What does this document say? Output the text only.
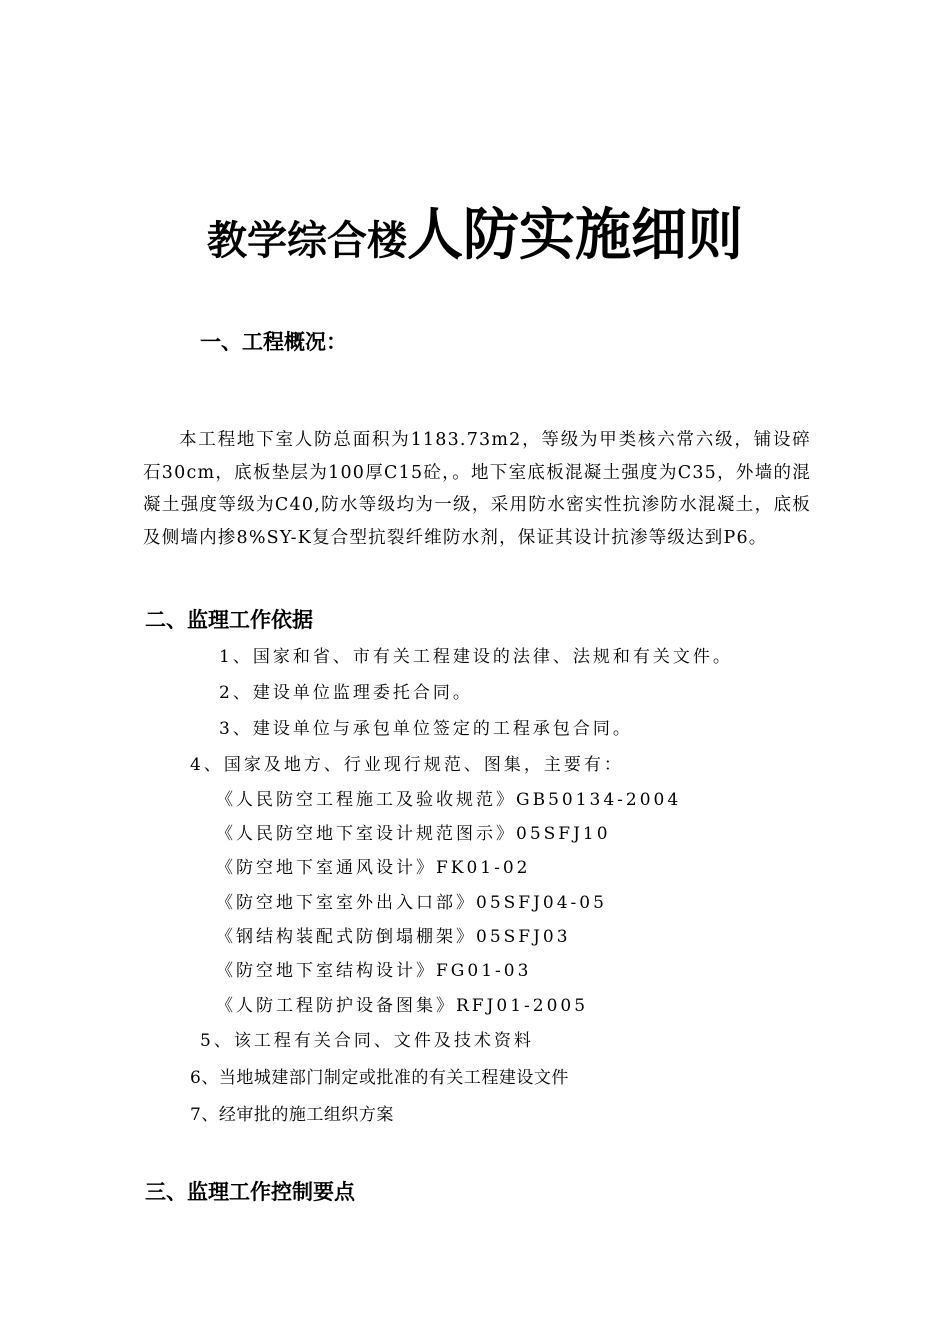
教学综合楼人防实施细则
一、工程概况：

本工程地下室人防总面积为1183.73m2，等级为甲类核六常六级，铺设碎石30cm，底板垫层为100厚C15砼，。地下室底板混凝土强度为C35，外墙的混凝土强度等级为C40,防水等级均为一级，采用防水密实性抗渗防水混凝土，底板及侧墙内掺8%SY-K复合型抗裂纤维防水剂，保证其设计抗渗等级达到P6。

二、监理工作依据
1、国家和省、市有关工程建设的法律、法规和有关文件。
2、建设单位监理委托合同。
3、建设单位与承包单位签定的工程承包合同。
4、国家及地方、行业现行规范、图集，主要有：
《人民防空工程施工及验收规范》GB50134-2004
《人民防空地下室设计规范图示》05SFJ10
《防空地下室通风设计》FK01-02
《防空地下室室外出入口部》05SFJ04-05
《钢结构装配式防倒塌棚架》05SFJ03
《防空地下室结构设计》FG01-03
《人防工程防护设备图集》RFJ01-2005
5、该工程有关合同、文件及技术资料
6、当地城建部门制定或批准的有关工程建设文件
7、经审批的施工组织方案
三、监理工作控制要点
